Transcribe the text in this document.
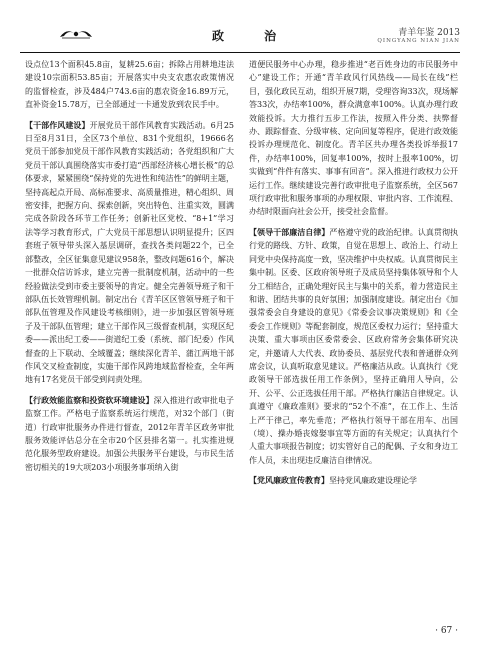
政 治	青羊年鉴 2013
QINGYANG NIAN JIAN

设点位13个面积45.8亩，复耕25.6亩；拆除占用耕地违法建设10宗面积53.85亩；开展落实中央支农惠农政策情况的监督检查，涉及484户743.6亩的惠农资金16.89万元，直补资金15.78万，已全部通过一卡通发放到农民手中。

【干部作风建设】开展党员干部作风教育实践活动。6月25日至8月31日，全区73个单位、831个党组织，19666名党员干部参加党员干部作风教育实践活动；各党组织和广大党员干部认真围绕落实市委打造“西部经济核心增长极”的总体要求，紧紧围绕“保持党的先进性和纯洁性”的鲜明主题，坚持高起点开局、高标准要求、高质量推进，精心组织、周密安排，把握方向、探索创新，突出特色、注重实效，圆满完成各阶段各环节工作任务；创新社区党校、“8+1”学习法等学习教育形式，广大党员干部思想认识明显提升；区四套班子领导带头深入基层调研，查找各类问题22个，已全部整改，全区征集意见建议958条，整改问题616个，解决一批群众信访诉求，建立完善一批制度机制，活动中的一些经验做法受到市委主要领导的肯定。健全完善领导班子和干部队伍长效管理机制。制定出台《青羊区区管领导班子和干部队伍管理及作风建设考核细则》，进一步加强区管领导班子及干部队伍管理；建立干部作风三级督查机制，实现区纪委——派出纪工委——街道纪工委（系统、部门纪委）作风督查的上下联动、全域覆盖；继续深化青羊、蒲江两地干部作风交叉检查制度，实施干部作风跨地域监督检查，全年两地有17名党员干部受到问责处理。

【行政效能监察和投资软环境建设】深入推进行政审批电子监察工作。严格电子监察系统运行规范，对32个部门（街道）行政审批服务办件进行督查，2012年青羊区政务审批服务效能评估总分在全市20个区县排名第一。扎实推进规范化服务型政府建设。加强公共服务平台建设，与市民生活密切相关的19大项203小项服务事项纳入街

道便民服务中心办理，稳步推进“老百姓身边的市民服务中心”建设工作；开通“青羊政风行风热线——局长在线”栏目，强化政民互动，组织开展7期，受理咨询33次，现场解答33次，办结率100%，群众满意率100%。认真办理行政效能投诉。大力推行五步工作法，按照入件分类、扶弊督办、跟踪督查、分级审核、定向回复等程序，促进行政效能投诉办理规范化、制度化。青羊区共办理各类投诉举报17件，办结率100%，回复率100%，按时上报率100%，切实做到“件件有落实、事事有回音”。深入推进行政权力公开运行工作。继续建设完善行政审批电子监察系统，全区567项行政审批和服务事项的办理权限、审批内容、工作流程、办结时限面向社会公开，接受社会监督。

【领导干部廉洁自律】严格遵守党的政治纪律。认真贯彻执行党的路线、方针、政策，自觉在思想上、政治上、行动上同党中央保持高度一致，坚决维护中央权威。认真贯彻民主集中制。区委、区政府领导班子及成员坚持集体领导和个人分工相结合，正确处理好民主与集中的关系，着力营造民主和谐、团结共事的良好氛围；加强制度建设。制定出台《加强常委会自身建设的意见》《常委会议事决策规则》和《全委会工作规则》等配套制度，规范区委权力运行；坚持重大决策、重大事项由区委常委会、区政府常务会集体研究决定，并邀请人大代表、政协委员、基层党代表和普通群众列席会议，认真听取意见建议。严格廉洁从政。认真执行《党政领导干部选拔任用工作条例》，坚持正确用人导向，公开、公平、公正选拔任用干部。严格执行廉洁自律规定。认真遵守《廉政准则》要求的“52个不准”，在工作上、生活上严于律己，率先垂范；严格执行领导干部在用车、出国（境）、操办婚丧嫁娶事宜等方面的有关规定；认真执行个人重大事项报告制度；切实管好自己的配偶、子女和身边工作人员，未出现违反廉洁自律情况。

【党风廉政宣传教育】坚持党风廉政建设理论学

· 67 ·
